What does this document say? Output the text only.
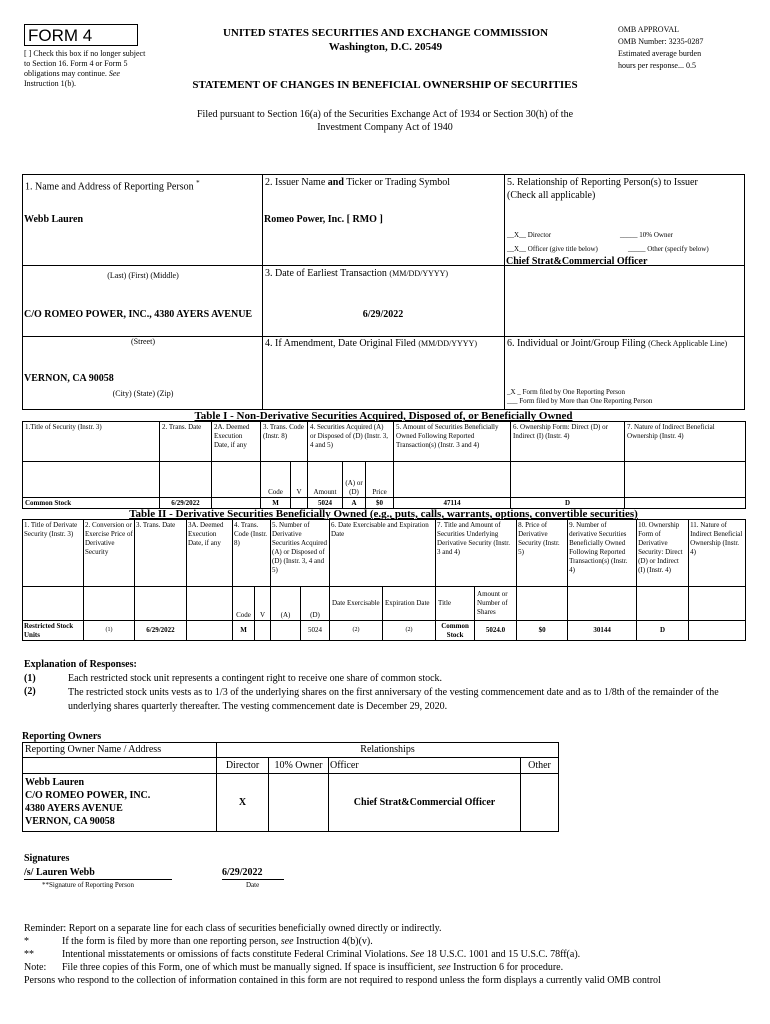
FORM 4
[ ] Check this box if no longer subject to Section 16. Form 4 or Form 5 obligations may continue. See Instruction 1(b).
UNITED STATES SECURITIES AND EXCHANGE COMMISSION
Washington, D.C. 20549
STATEMENT OF CHANGES IN BENEFICIAL OWNERSHIP OF SECURITIES
OMB APPROVAL
OMB Number: 3235-0287
Estimated average burden
hours per response... 0.5
Filed pursuant to Section 16(a) of the Securities Exchange Act of 1934 or Section 30(h) of the
Investment Company Act of 1940
1. Name and Address of Reporting Person *
Webb Lauren
(Last) (First) (Middle)
C/O ROMEO POWER, INC., 4380 AYERS AVENUE
(Street)
VERNON, CA 90058
(City) (State) (Zip)
2. Issuer Name and Ticker or Trading Symbol
Romeo Power, Inc. [ RMO ]
3. Date of Earliest Transaction (MM/DD/YYYY)
6/29/2022
4. If Amendment, Date Original Filed (MM/DD/YYYY)
5. Relationship of Reporting Person(s) to Issuer
(Check all applicable)
__X__ Director	_____ 10% Owner
__X__ Officer (give title below)	_____ Other (specify below)
Chief Strat&Commercial Officer
6. Individual or Joint/Group Filing (Check Applicable Line)
_X _ Form filed by One Reporting Person
___ Form filed by More than One Reporting Person
Table I - Non-Derivative Securities Acquired, Disposed of, or Beneficially Owned
1.Title of Security (Instr. 3)	2. Trans. Date	2A. Deemed Execution Date, if any	3. Trans. Code (Instr. 8)		4. Securities Acquired (A) or Disposed of (D) (Instr. 3, 4 and 5)			5. Amount of Securities Beneficially Owned Following Reported Transaction(s) (Instr. 3 and 4)	6. Ownership Form: Direct (D) or Indirect (I) (Instr. 4)	7. Nature of Indirect Beneficial Ownership (Instr. 4)
			Code	V	Amount	(A) or (D)	Price			
Common Stock	6/29/2022		M		5024	A	$0	47114	D	
Table II - Derivative Securities Beneficially Owned (e.g., puts, calls, warrants, options, convertible securities)
1. Title of Derivate Security (Instr. 3)	2. Conversion or Exercise Price of Derivative Security	3. Trans. Date	3A. Deemed Execution Date, if any	4. Trans. Code (Instr. 8)		5. Number of Derivative Securities Acquired (A) or Disposed of (D) (Instr. 3, 4 and 5)		6. Date Exercisable and Expiration Date		7. Title and Amount of Securities Underlying Derivative Security (Instr. 3 and 4)		8. Price of Derivative Security (Instr. 5)	9. Number of derivative Securities Beneficially Owned Following Reported Transaction(s) (Instr. 4)	10. Ownership Form of Derivative Security: Direct (D) or Indirect (I) (Instr. 4)	11. Nature of Indirect Beneficial Ownership (Instr. 4)
				Code	V	(A)	(D)	Date Exercisable	Expiration Date	Title	Amount or Number of Shares				
Restricted Stock Units	(1)	6/29/2022		M			5024	(2)	(2)	Common Stock	5024.0	$0	30144	D	
Explanation of Responses:
(1)	Each restricted stock unit represents a contingent right to receive one share of common stock.
(2)	The restricted stock units vests as to 1/3 of the underlying shares on the first anniversary of the vesting commencement date and as to 1/8th of the remainder of the underlying shares quarterly thereafter. The vesting commencement date is December 29, 2020.
Reporting Owners
Reporting Owner Name / Address	Relationships			
	Director	10% Owner	Officer	Other

Webb Lauren
C/O ROMEO POWER, INC.
4380 AYERS AVENUE
VERNON, CA 90058	X		Chief Strat&Commercial Officer	
Signatures
/s/ Lauren Webb
**Signature of Reporting Person
6/29/2022
Date
Reminder: Report on a separate line for each class of securities beneficially owned directly or indirectly.
*	If the form is filed by more than one reporting person, see Instruction 4(b)(v).
**	Intentional misstatements or omissions of facts constitute Federal Criminal Violations. See 18 U.S.C. 1001 and 15 U.S.C. 78ff(a).
Note: File three copies of this Form, one of which must be manually signed. If space is insufficient, see Instruction 6 for procedure.
Persons who respond to the collection of information contained in this form are not required to respond unless the form displays a currently valid OMB control
